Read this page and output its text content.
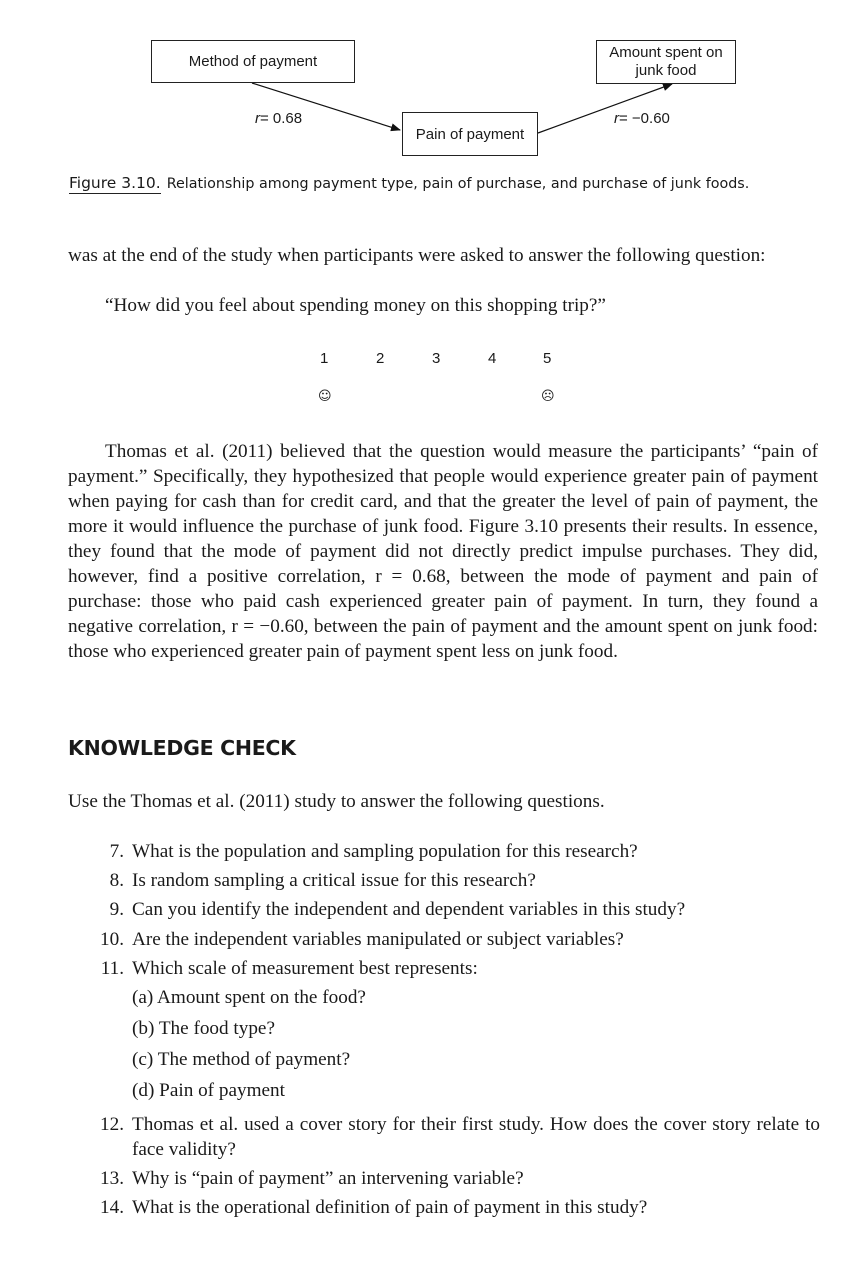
Method of payment
Amount spent on
junk food
Pain of payment
r= 0.68	r= −0.60
Figure 3.10. Relationship among payment type, pain of purchase, and purchase of junk foods.
was at the end of the study when participants were asked to answer the following question:
“How did you feel about spending money on this shopping trip?”
1	2	3	4	5
☺	☹
Thomas et al. (2011) believed that the question would measure the participants’ “pain of payment.” Specifically, they hypothesized that people would experience greater pain of payment when paying for cash than for credit card, and that the greater the level of pain of payment, the more it would influence the purchase of junk food. Figure 3.10 presents their results. In essence, they found that the mode of payment did not directly predict impulse purchases. They did, however, find a positive correlation, r = 0.68, between the mode of payment and pain of purchase: those who paid cash experienced greater pain of payment. In turn, they found a negative correlation, r = −0.60, between the pain of payment and the amount spent on junk food: those who experienced greater pain of payment spent less on junk food.
KNOWLEDGE CHECK
Use the Thomas et al. (2011) study to answer the following questions.
7. What is the population and sampling population for this research?
8. Is random sampling a critical issue for this research?
9. Can you identify the independent and dependent variables in this study?
10. Are the independent variables manipulated or subject variables?
11. Which scale of measurement best represents:
(a) Amount spent on the food?
(b) The food type?
(c) The method of payment?
(d) Pain of payment
12. Thomas et al. used a cover story for their first study. How does the cover story relate to face validity?
13. Why is “pain of payment” an intervening variable?
14. What is the operational definition of pain of payment in this study?
